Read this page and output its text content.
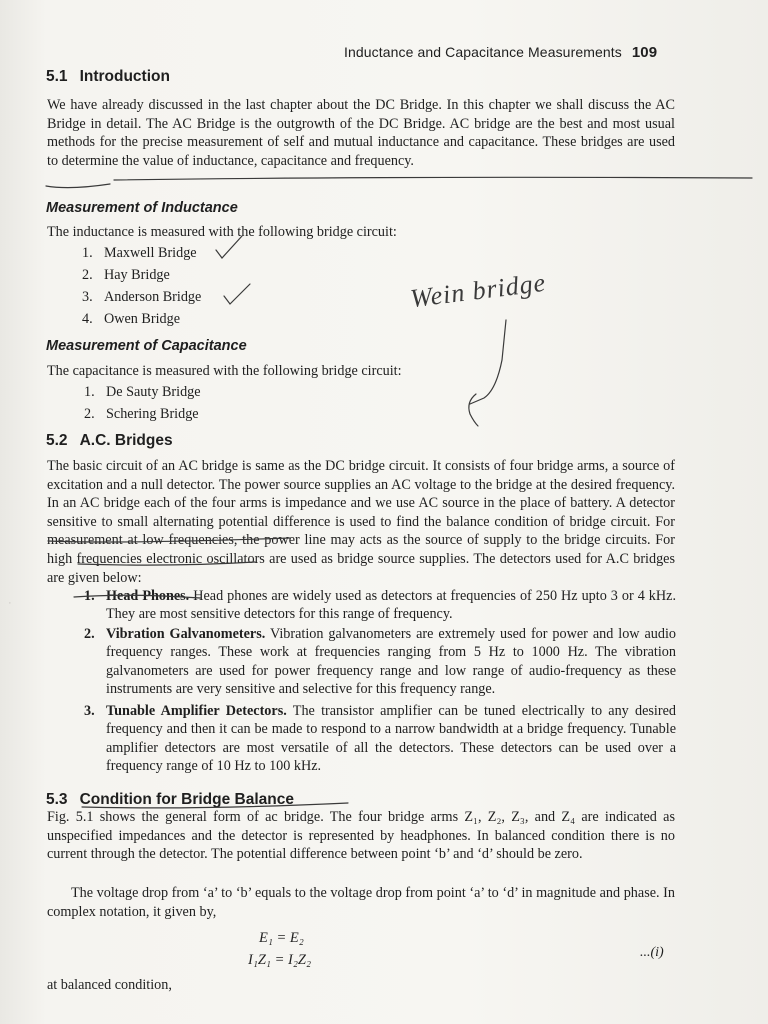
Inductance and Capacitance Measurements 109
5.1 Introduction

We have already discussed in the last chapter about the DC Bridge. In this chapter we shall discuss the AC Bridge in detail. The AC Bridge is the outgrowth of the DC Bridge. AC bridge are the best and most usual methods for the precise measurement of self and mutual inductance and capacitance. These bridges are used to determine the value of inductance, capacitance and frequency.

Measurement of Inductance
The inductance is measured with the following bridge circuit:
1. Maxwell Bridge
2. Hay Bridge
3. Anderson Bridge
4. Owen Bridge
Measurement of Capacitance
The capacitance is measured with the following bridge circuit:
1. De Sauty Bridge
2. Schering Bridge
5.2 A.C. Bridges

The basic circuit of an AC bridge is same as the DC bridge circuit. It consists of four bridge arms, a source of excitation and a null detector. The power source supplies an AC voltage to the bridge at the desired frequency. In an AC bridge each of the four arms is impedance and we use AC source in the place of battery. A detector sensitive to small alternating potential difference is used to find the balance condition of bridge circuit. For measurement at low frequencies, the power line may acts as the source of supply to the bridge circuits. For high frequencies electronic oscillators are used as bridge source supplies. The detectors used for A.C bridges are given below:

1. Head Phones. Head phones are widely used as detectors at frequencies of 250 Hz upto 3 or 4 kHz. They are most sensitive detectors for this range of frequency.
2. Vibration Galvanometers. Vibration galvanometers are extremely used for power and low audio frequency ranges. These work at frequencies ranging from 5 Hz to 1000 Hz. The vibration galvanometers are used for power frequency range and low range of audio-frequency as these instruments are very sensitive and selective for this frequency range.
3. Tunable Amplifier Detectors. The transistor amplifier can be tuned electrically to any desired frequency and then it can be made to respond to a narrow bandwidth at a bridge frequency. Tunable amplifier detectors are most versatile of all the detectors. These detectors can be used over a frequency range of 10 Hz to 100 kHz.
5.3 Condition for Bridge Balance

Fig. 5.1 shows the general form of ac bridge. The four bridge arms Z₁, Z₂, Z₃, and Z₄ are indicated as unspecified impedances and the detector is represented by headphones. In balanced condition there is no current through the detector. The potential difference between point ‘b’ and ‘d’ should be zero.

The voltage drop from ‘a’ to ‘b’ equals to the voltage drop from point ‘a’ to ‘d’ in magnitude and phase. In complex notation, it given by,

E₁ = E₂
I₁Z₁ = I₂Z₂	...(i)
at balanced condition,
Wein bridge
·
